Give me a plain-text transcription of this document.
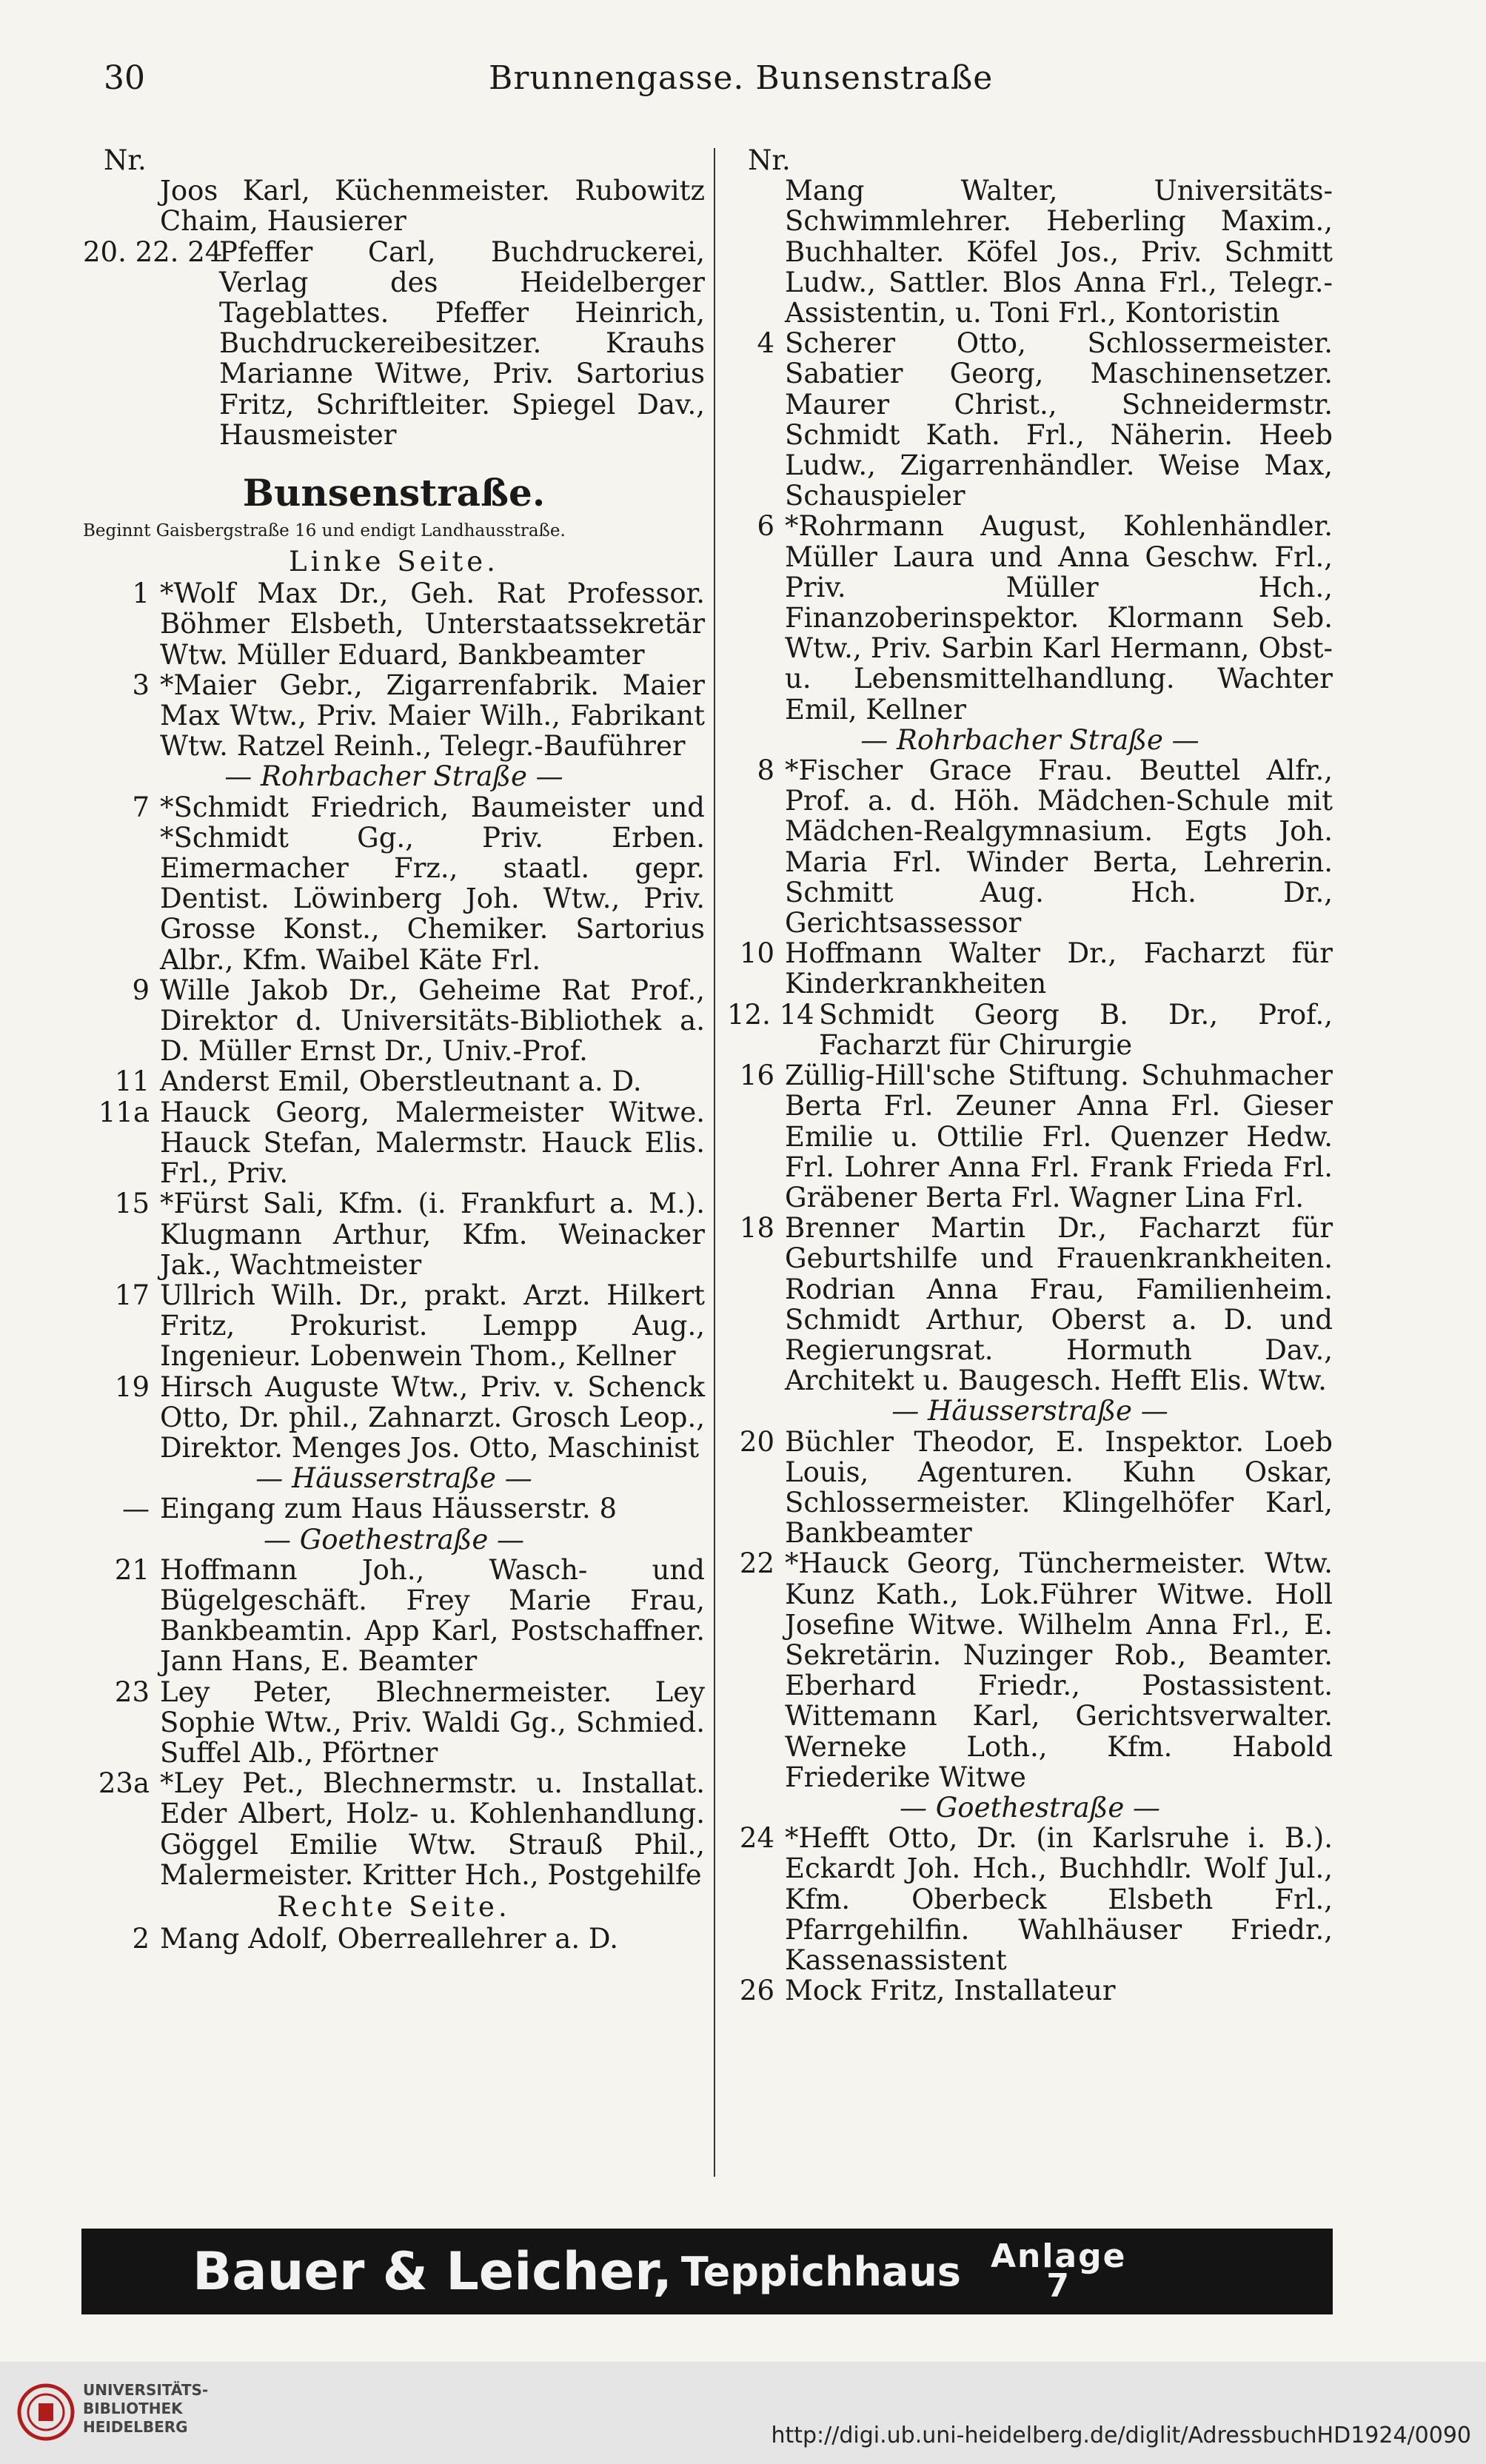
30	Brunnengasse. Bunsenstraße
Nr.
Joos Karl, Küchenmeister. Rubowitz Chaim, Hausierer
20. 22. 24
Pfeffer Carl, Buchdruckerei, Verlag des Heidelberger Tageblattes. Pfeffer Heinrich, Buchdruckereibesitzer. Krauhs Marianne Witwe, Priv. Sartorius Fritz, Schriftleiter. Spiegel Dav., Hausmeister
Bunsenstraße.
Beginnt Gaisbergstraße 16 und endigt Landhausstraße.
Linke Seite.
1 *Wolf Max Dr., Geh. Rat Professor. Böhmer Elsbeth, Unterstaatssekretär Wtw. Müller Eduard, Bankbeamter
3 *Maier Gebr., Zigarrenfabrik. Maier Max Wtw., Priv. Maier Wilh., Fabrikant Wtw. Ratzel Reinh., Telegr.-Bauführer
— Rohrbacher Straße —
7 *Schmidt Friedrich, Baumeister und *Schmidt Gg., Priv. Erben. Eimermacher Frz., staatl. gepr. Dentist. Löwinberg Joh. Wtw., Priv. Grosse Konst., Chemiker. Sartorius Albr., Kfm. Waibel Käte Frl.
9 Wille Jakob Dr., Geheime Rat Prof., Direktor d. Universitäts-Bibliothek a. D. Müller Ernst Dr., Univ.-Prof.
11 Anderst Emil, Oberstleutnant a. D.
11a Hauck Georg, Malermeister Witwe. Hauck Stefan, Malermstr. Hauck Elis. Frl., Priv.
15 *Fürst Sali, Kfm. (i. Frankfurt a. M.). Klugmann Arthur, Kfm. Weinacker Jak., Wachtmeister
17 Ullrich Wilh. Dr., prakt. Arzt. Hilkert Fritz, Prokurist. Lempp Aug., Ingenieur. Lobenwein Thom., Kellner
19 Hirsch Auguste Wtw., Priv. v. Schenck Otto, Dr. phil., Zahnarzt. Grosch Leop., Direktor. Menges Jos. Otto, Maschinist
— Häusserstraße —
— Eingang zum Haus Häusserstr. 8
— Goethestraße —
21 Hoffmann Joh., Wasch- und Bügelgeschäft. Frey Marie Frau, Bankbeamtin. App Karl, Postschaffner. Jann Hans, E. Beamter
23 Ley Peter, Blechnermeister. Ley Sophie Wtw., Priv. Waldi Gg., Schmied. Suffel Alb., Pförtner
23a *Ley Pet., Blechnermstr. u. Installat. Eder Albert, Holz- u. Kohlenhandlung. Göggel Emilie Wtw. Strauß Phil., Malermeister. Kritter Hch., Postgehilfe
Rechte Seite.
2 Mang Adolf, Oberreallehrer a. D.
Nr.
Mang Walter, Universitäts-Schwimmlehrer. Heberling Maxim., Buchhalter. Köfel Jos., Priv. Schmitt Ludw., Sattler. Blos Anna Frl., Telegr.-Assistentin, u. Toni Frl., Kontoristin
4 Scherer Otto, Schlossermeister. Sabatier Georg, Maschinensetzer. Maurer Christ., Schneidermstr. Schmidt Kath. Frl., Näherin. Heeb Ludw., Zigarrenhändler. Weise Max, Schauspieler
6 *Rohrmann August, Kohlenhändler. Müller Laura und Anna Geschw. Frl., Priv. Müller Hch., Finanzoberinspektor. Klormann Seb. Wtw., Priv. Sarbin Karl Hermann, Obst- u. Lebensmittelhandlung. Wachter Emil, Kellner
— Rohrbacher Straße —
8 *Fischer Grace Frau. Beuttel Alfr., Prof. a. d. Höh. Mädchen-Schule mit Mädchen-Realgymnasium. Egts Joh. Maria Frl. Winder Berta, Lehrerin. Schmitt Aug. Hch. Dr., Gerichtsassessor
10 Hoffmann Walter Dr., Facharzt für Kinderkrankheiten
12. 14 Schmidt Georg B. Dr., Prof., Facharzt für Chirurgie
16 Züllig-Hill'sche Stiftung. Schuhmacher Berta Frl. Zeuner Anna Frl. Gieser Emilie u. Ottilie Frl. Quenzer Hedw. Frl. Lohrer Anna Frl. Frank Frieda Frl. Gräbener Berta Frl. Wagner Lina Frl.
18 Brenner Martin Dr., Facharzt für Geburtshilfe und Frauenkrankheiten. Rodrian Anna Frau, Familienheim. Schmidt Arthur, Oberst a. D. und Regierungsrat. Hormuth Dav., Architekt u. Baugesch. Hefft Elis. Wtw.
— Häusserstraße —
20 Büchler Theodor, E. Inspektor. Loeb Louis, Agenturen. Kuhn Oskar, Schlossermeister. Klingelhöfer Karl, Bankbeamter
22 *Hauck Georg, Tünchermeister. Wtw. Kunz Kath., Lok.Führer Witwe. Holl Josefine Witwe. Wilhelm Anna Frl., E. Sekretärin. Nuzinger Rob., Beamter. Eberhard Friedr., Postassistent. Wittemann Karl, Gerichtsverwalter. Werneke Loth., Kfm. Habold Friederike Witwe
— Goethestraße —
24 *Hefft Otto, Dr. (in Karlsruhe i. B.). Eckardt Joh. Hch., Buchhdlr. Wolf Jul., Kfm. Oberbeck Elsbeth Frl., Pfarrgehilfin. Wahlhäuser Friedr., Kassenassistent
26 Mock Fritz, Installateur
Bauer & Leicher, Teppichhaus Anlage
7
UNIVERSITÄTS-
BIBLIOTHEK
HEIDELBERG	http://digi.ub.uni-heidelberg.de/diglit/AdressbuchHD1924/0090
